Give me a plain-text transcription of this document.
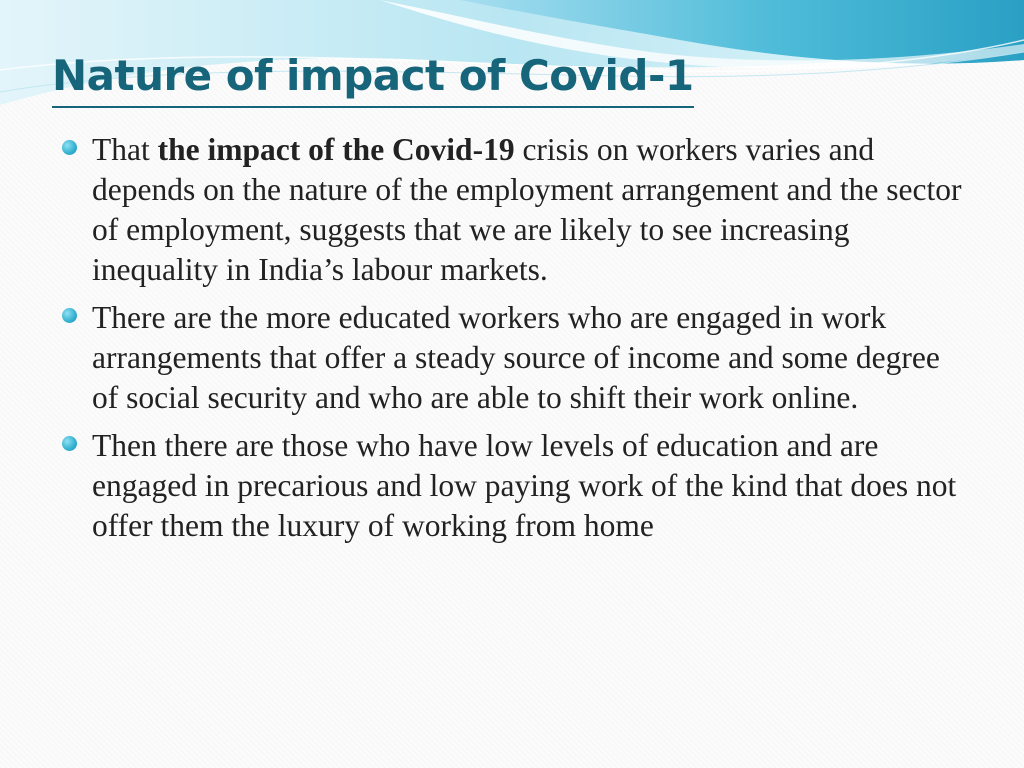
Nature of impact of Covid-1
That the impact of the Covid-19 crisis on workers varies and depends on the nature of the employment arrangement and the sector of employment, suggests that we are likely to see increasing inequality in India’s labour markets.
There are the more educated workers who are engaged in work arrangements that offer a steady source of income and some degree of social security and who are able to shift their work online.
Then there are those who have low levels of education and are engaged in precarious and low paying work of the kind that does not offer them the luxury of working from home
